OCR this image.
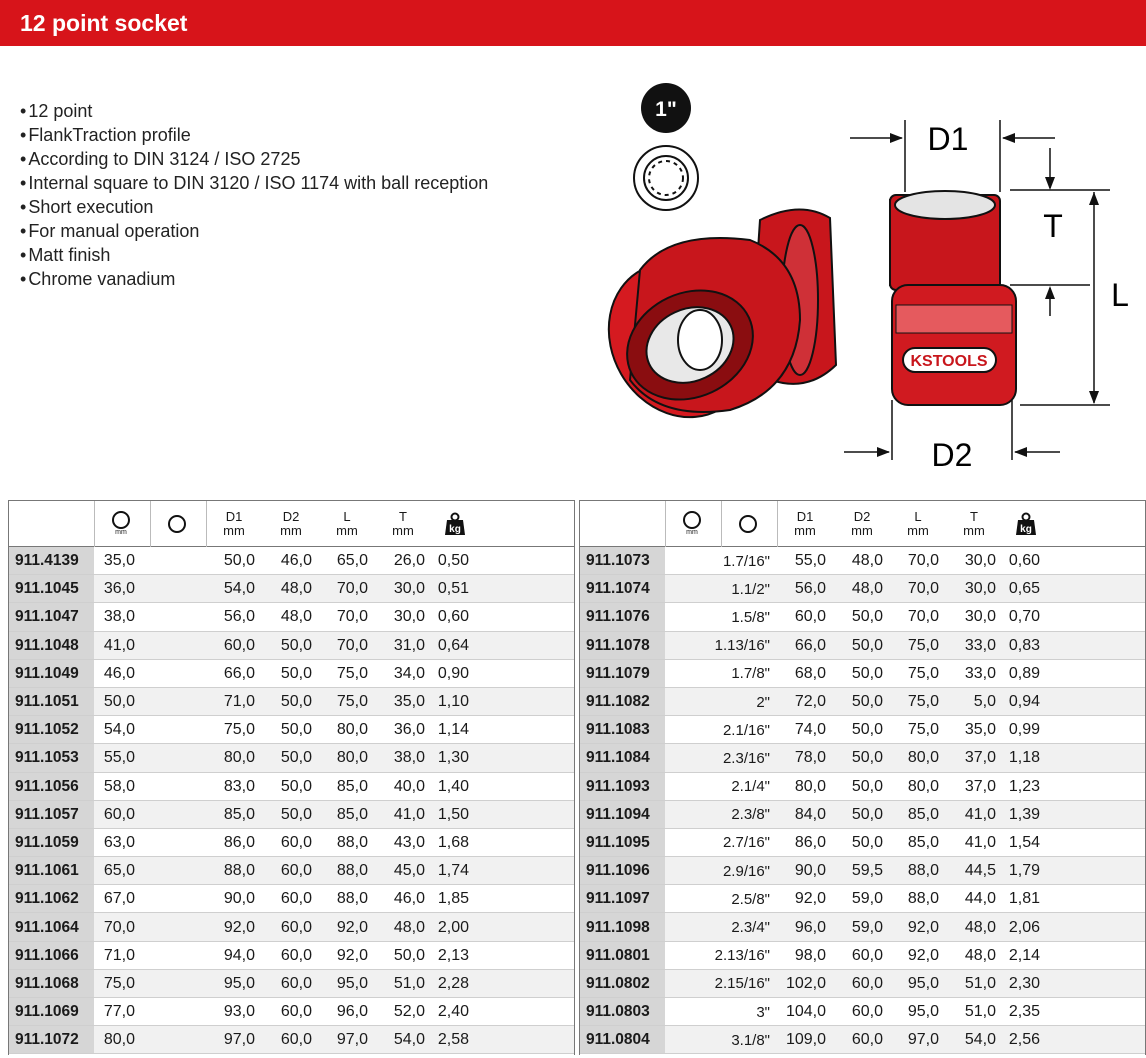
12 point socket
• 12 point
• FlankTraction profile
• According to DIN 3124 / ISO 2725
• Internal square to DIN 3120 / ISO 1174 with ball reception
• Short execution
• For manual operation
• Matt finish
• Chrome vanadium
1"
KSTOOLS
D1
T
L
D2
mm
D1
mm
D2
mm
L
mm
T
mm	kg
911.4139	35,0	50,0 46,0 65,0 26,0 0,50
911.1045	36,0	54,0 48,0 70,0 30,0 0,51
911.1047	38,0	56,0 48,0 70,0 30,0 0,60
911.1048	41,0	60,0 50,0 70,0 31,0 0,64
911.1049	46,0	66,0 50,0 75,0 34,0 0,90
911.1051	50,0	71,0 50,0 75,0 35,0 1,10
911.1052	54,0	75,0 50,0 80,0 36,0 1,14
911.1053	55,0	80,0 50,0 80,0 38,0 1,30
911.1056	58,0	83,0 50,0 85,0 40,0 1,40
911.1057	60,0	85,0 50,0 85,0 41,0 1,50
911.1059	63,0	86,0 60,0 88,0 43,0 1,68
911.1061	65,0	88,0 60,0 88,0 45,0 1,74
911.1062	67,0	90,0 60,0 88,0 46,0 1,85
911.1064	70,0	92,0 60,0 92,0 48,0 2,00
911.1066	71,0	94,0 60,0 92,0 50,0 2,13
911.1068	75,0	95,0 60,0 95,0 51,0 2,28
911.1069	77,0	93,0 60,0 96,0 52,0 2,40
911.1072	80,0	97,0 60,0 97,0 54,0 2,58
mm
D1
mm
D2
mm
L
mm
T
mm	kg
911.1073	1.7/16" 55,0 48,0 70,0 30,0 0,60
911.1074	1.1/2" 56,0 48,0 70,0 30,0 0,65
911.1076	1.5/8" 60,0 50,0 70,0 30,0 0,70
911.1078	1.13/16" 66,0 50,0 75,0 33,0 0,83
911.1079	1.7/8" 68,0 50,0 75,0 33,0 0,89
911.1082	2" 72,0 50,0 75,0 5,0 0,94
911.1083	2.1/16" 74,0 50,0 75,0 35,0 0,99
911.1084	2.3/16" 78,0 50,0 80,0 37,0 1,18
911.1093	2.1/4" 80,0 50,0 80,0 37,0 1,23
911.1094	2.3/8" 84,0 50,0 85,0 41,0 1,39
911.1095	2.7/16" 86,0 50,0 85,0 41,0 1,54
911.1096	2.9/16" 90,0 59,5 88,0 44,5 1,79
911.1097	2.5/8" 92,0 59,0 88,0 44,0 1,81
911.1098	2.3/4" 96,0 59,0 92,0 48,0 2,06
911.0801	2.13/16" 98,0 60,0 92,0 48,0 2,14
911.0802	2.15/16" 102,0 60,0 95,0 51,0 2,30
911.0803	3" 104,0 60,0 95,0 51,0 2,35
911.0804	3.1/8" 109,0 60,0 97,0 54,0 2,56
